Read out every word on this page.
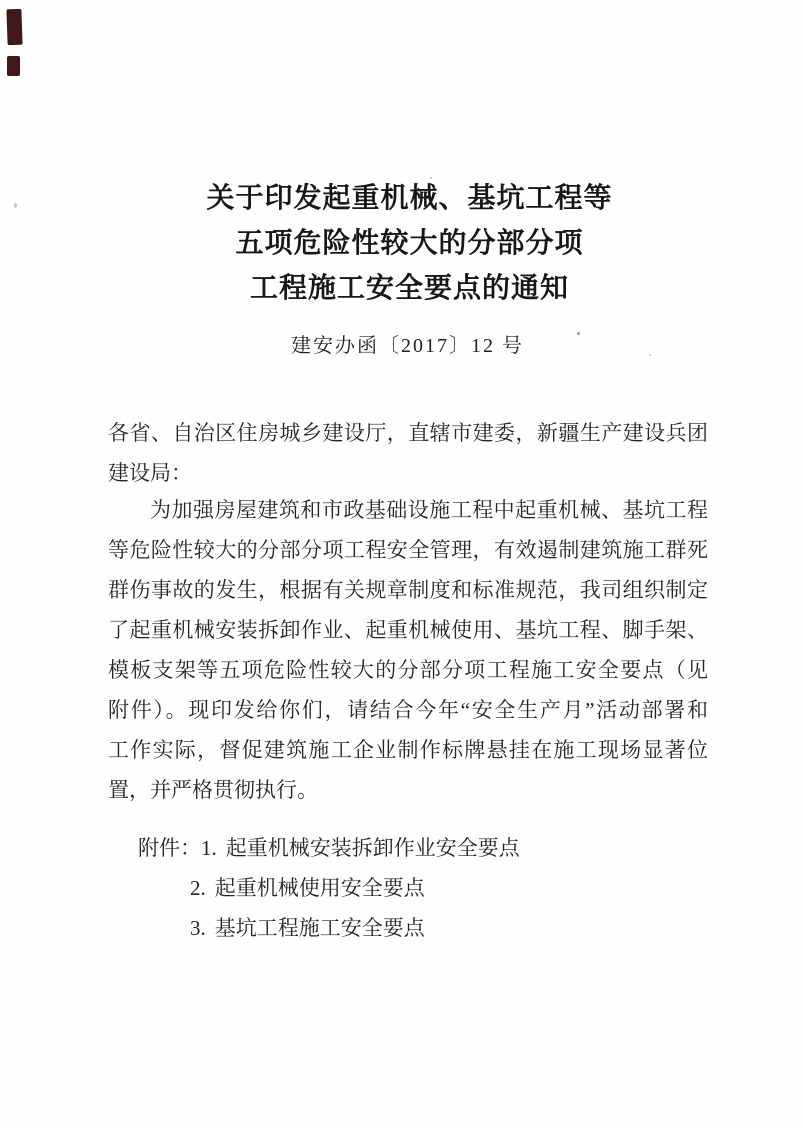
关于印发起重机械、基坑工程等
五项危险性较大的分部分项
工程施工安全要点的通知
建安办函〔2017〕12 号
各省、自治区住房城乡建设厅，直辖市建委，新疆生产建设兵团
建设局：
为加强房屋建筑和市政基础设施工程中起重机械、基坑工程
等危险性较大的分部分项工程安全管理，有效遏制建筑施工群死
群伤事故的发生，根据有关规章制度和标准规范，我司组织制定
了起重机械安装拆卸作业、起重机械使用、基坑工程、脚手架、
模板支架等五项危险性较大的分部分项工程施工安全要点（见
附件）。现印发给你们，请结合今年“安全生产月”活动部署和
工作实际，督促建筑施工企业制作标牌悬挂在施工现场显著位
置，并严格贯彻执行。
附件：1. 起重机械安装拆卸作业安全要点
2. 起重机械使用安全要点
3. 基坑工程施工安全要点
